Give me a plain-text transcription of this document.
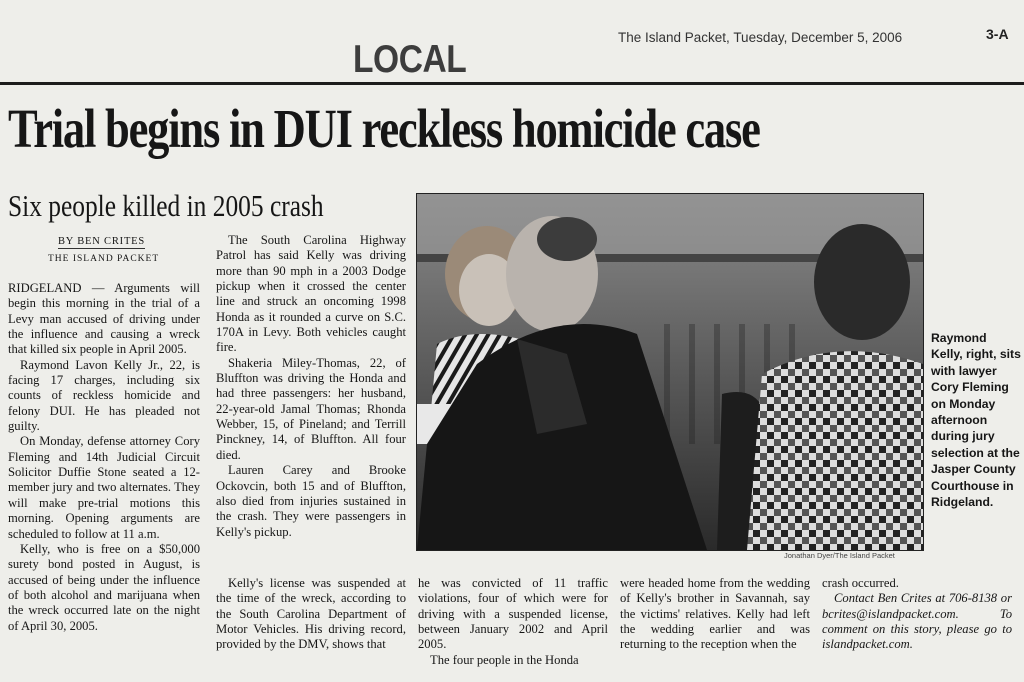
LOCAL
The Island Packet, Tuesday, December 5, 2006	3-A
Trial begins in DUI reckless homicide case
Six people killed in 2005 crash
BY BEN CRITES
THE ISLAND PACKET

RIDGELAND — Arguments will begin this morning in the trial of a Levy man accused of driving under the influence and causing a wreck that killed six people in April 2005.

Raymond Lavon Kelly Jr., 22, is facing 17 charges, including six counts of reckless homicide and felony DUI. He has pleaded not guilty.

On Monday, defense attorney Cory Fleming and 14th Judicial Circuit Solicitor Duffie Stone seated a 12-member jury and two alternates. They will make pre-trial motions this morning. Opening arguments are scheduled to follow at 11 a.m.

Kelly, who is free on a $50,000 surety bond posted in August, is accused of being under the influence of both alcohol and marijuana when the wreck occurred late on the night of April 30, 2005.

The South Carolina Highway Patrol has said Kelly was driving more than 90 mph in a 2003 Dodge pickup when it crossed the center line and struck an oncoming 1998 Honda as it rounded a curve on S.C. 170A in Levy. Both vehicles caught fire.

Shakeria Miley-Thomas, 22, of Bluffton was driving the Honda and had three passengers: her husband, 22-year-old Jamal Thomas; Rhonda Webber, 15, of Pineland; and Terrill Pinckney, 14, of Bluffton. All four died.

Lauren Carey and Brooke Ockovcin, both 15 and of Bluffton, also died from injuries sustained in the crash. They were passengers in Kelly's pickup.

Kelly's license was suspended at the time of the wreck, according to the South Carolina Department of Motor Vehicles. His driving record, provided by the DMV, shows that

he was convicted of 11 traffic violations, four of which were for driving with a suspended license, between January 2002 and April 2005.

The four people in the Honda

were headed home from the wedding of Kelly's brother in Savannah, say the victims' relatives. Kelly had left the wedding earlier and was returning to the reception when the

crash occurred.

Contact Ben Crites at 706-8138 or bcrites@islandpacket.com. To comment on this story, please go to islandpacket.com.

Jonathan Dyer/The Island Packet
Raymond Kelly, right, sits with lawyer Cory Fleming on Monday afternoon during jury selection at the Jasper County Courthouse in Ridgeland.
